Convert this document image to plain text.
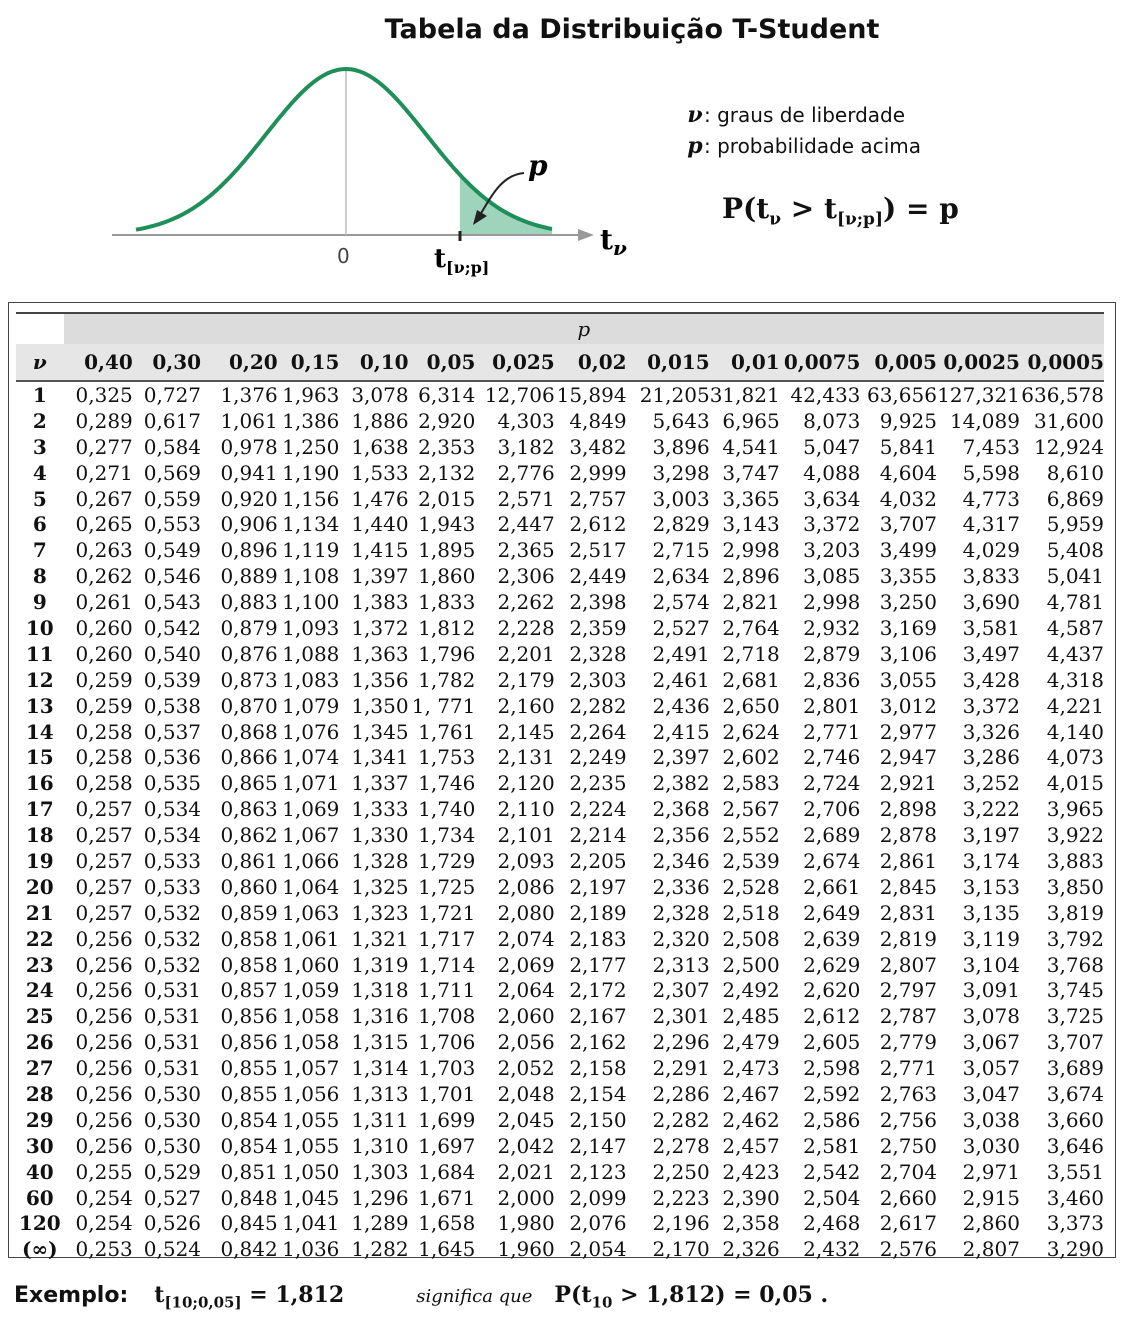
Tabela da Distribuição T-Student
p
0	$t_{[\nu;p]}$
$t_\nu$
ν: graus de liberdade
p: probabilidade acima
$P(t_\nu > t_{[\nu;p]}) = p$
	p													
ν	0,40	0,30	0,20	0,15	0,10	0,05	0,025	0,02	0,015	0,01	0,0075	0,005	0,0025	0,0005
1	0,325	0,727	1,376	1,963	3,078	6,314	12,706	15,894	21,205	31,821	42,433	63,656	127,321	636,578
2	0,289	0,617	1,061	1,386	1,886	2,920	4,303	4,849	5,643	6,965	8,073	9,925	14,089	31,600
3	0,277	0,584	0,978	1,250	1,638	2,353	3,182	3,482	3,896	4,541	5,047	5,841	7,453	12,924
4	0,271	0,569	0,941	1,190	1,533	2,132	2,776	2,999	3,298	3,747	4,088	4,604	5,598	8,610
5	0,267	0,559	0,920	1,156	1,476	2,015	2,571	2,757	3,003	3,365	3,634	4,032	4,773	6,869
6	0,265	0,553	0,906	1,134	1,440	1,943	2,447	2,612	2,829	3,143	3,372	3,707	4,317	5,959
7	0,263	0,549	0,896	1,119	1,415	1,895	2,365	2,517	2,715	2,998	3,203	3,499	4,029	5,408
8	0,262	0,546	0,889	1,108	1,397	1,860	2,306	2,449	2,634	2,896	3,085	3,355	3,833	5,041
9	0,261	0,543	0,883	1,100	1,383	1,833	2,262	2,398	2,574	2,821	2,998	3,250	3,690	4,781
10	0,260	0,542	0,879	1,093	1,372	1,812	2,228	2,359	2,527	2,764	2,932	3,169	3,581	4,587
11	0,260	0,540	0,876	1,088	1,363	1,796	2,201	2,328	2,491	2,718	2,879	3,106	3,497	4,437
12	0,259	0,539	0,873	1,083	1,356	1,782	2,179	2,303	2,461	2,681	2,836	3,055	3,428	4,318
13	0,259	0,538	0,870	1,079	1,350	1, 771	2,160	2,282	2,436	2,650	2,801	3,012	3,372	4,221
14	0,258	0,537	0,868	1,076	1,345	1,761	2,145	2,264	2,415	2,624	2,771	2,977	3,326	4,140
15	0,258	0,536	0,866	1,074	1,341	1,753	2,131	2,249	2,397	2,602	2,746	2,947	3,286	4,073
16	0,258	0,535	0,865	1,071	1,337	1,746	2,120	2,235	2,382	2,583	2,724	2,921	3,252	4,015
17	0,257	0,534	0,863	1,069	1,333	1,740	2,110	2,224	2,368	2,567	2,706	2,898	3,222	3,965
18	0,257	0,534	0,862	1,067	1,330	1,734	2,101	2,214	2,356	2,552	2,689	2,878	3,197	3,922
19	0,257	0,533	0,861	1,066	1,328	1,729	2,093	2,205	2,346	2,539	2,674	2,861	3,174	3,883
20	0,257	0,533	0,860	1,064	1,325	1,725	2,086	2,197	2,336	2,528	2,661	2,845	3,153	3,850
21	0,257	0,532	0,859	1,063	1,323	1,721	2,080	2,189	2,328	2,518	2,649	2,831	3,135	3,819
22	0,256	0,532	0,858	1,061	1,321	1,717	2,074	2,183	2,320	2,508	2,639	2,819	3,119	3,792
23	0,256	0,532	0,858	1,060	1,319	1,714	2,069	2,177	2,313	2,500	2,629	2,807	3,104	3,768
24	0,256	0,531	0,857	1,059	1,318	1,711	2,064	2,172	2,307	2,492	2,620	2,797	3,091	3,745
25	0,256	0,531	0,856	1,058	1,316	1,708	2,060	2,167	2,301	2,485	2,612	2,787	3,078	3,725
26	0,256	0,531	0,856	1,058	1,315	1,706	2,056	2,162	2,296	2,479	2,605	2,779	3,067	3,707
27	0,256	0,531	0,855	1,057	1,314	1,703	2,052	2,158	2,291	2,473	2,598	2,771	3,057	3,689
28	0,256	0,530	0,855	1,056	1,313	1,701	2,048	2,154	2,286	2,467	2,592	2,763	3,047	3,674
29	0,256	0,530	0,854	1,055	1,311	1,699	2,045	2,150	2,282	2,462	2,586	2,756	3,038	3,660
30	0,256	0,530	0,854	1,055	1,310	1,697	2,042	2,147	2,278	2,457	2,581	2,750	3,030	3,646
40	0,255	0,529	0,851	1,050	1,303	1,684	2,021	2,123	2,250	2,423	2,542	2,704	2,971	3,551
60	0,254	0,527	0,848	1,045	1,296	1,671	2,000	2,099	2,223	2,390	2,504	2,660	2,915	3,460
120	0,254	0,526	0,845	1,041	1,289	1,658	1,980	2,076	2,196	2,358	2,468	2,617	2,860	3,373
(∞)	0,253	0,524	0,842	1,036	1,282	1,645	1,960	2,054	2,170	2,326	2,432	2,576	2,807	3,290
Exemplo: $t_{[10;0,05]} = 1,812$	significa que $P(t_{10} > 1,812) = 0,05$ .
